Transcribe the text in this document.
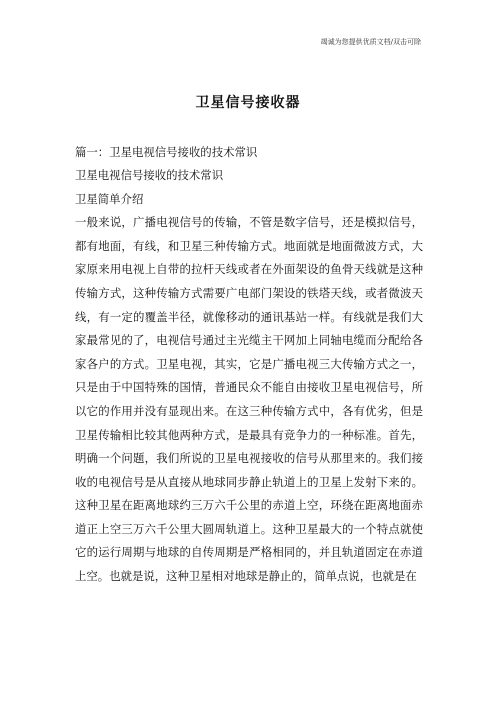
竭诚为您提供优质文档/双击可除
卫星信号接收器
篇一：卫星电视信号接收的技术常识
卫星电视信号接收的技术常识
卫星简单介绍
一般来说，广播电视信号的传输，不管是数字信号，还是模拟信号，都有地面，有线，和卫星三种传输方式。地面就是地面微波方式，大家原来用电视上自带的拉杆天线或者在外面架设的鱼骨天线就是这种传输方式，这种传输方式需要广电部门架设的铁塔天线，或者微波天线，有一定的覆盖半径，就像移动的通讯基站一样。有线就是我们大家最常见的了，电视信号通过主光缆主干网加上同轴电缆而分配给各家各户的方式。卫星电视，其实，它是广播电视三大传输方式之一，只是由于中国特殊的国情，普通民众不能自由接收卫星电视信号，所以它的作用并没有显现出来。在这三种传输方式中，各有优劣，但是卫星传输相比较其他两种方式，是最具有竞争力的一种标准。首先，明确一个问题，我们所说的卫星电视接收的信号从那里来的。我们接收的电视信号是从直接从地球同步静止轨道上的卫星上发射下来的。这种卫星在距离地球约三万六千公里的赤道上空，环绕在距离地面赤道正上空三万六千公里大圆周轨道上。这种卫星最大的一个特点就使它的运行周期与地球的自传周期是严格相同的，并且轨道固定在赤道上空。也就是说，这种卫星相对地球是静止的，简单点说，也就是在
